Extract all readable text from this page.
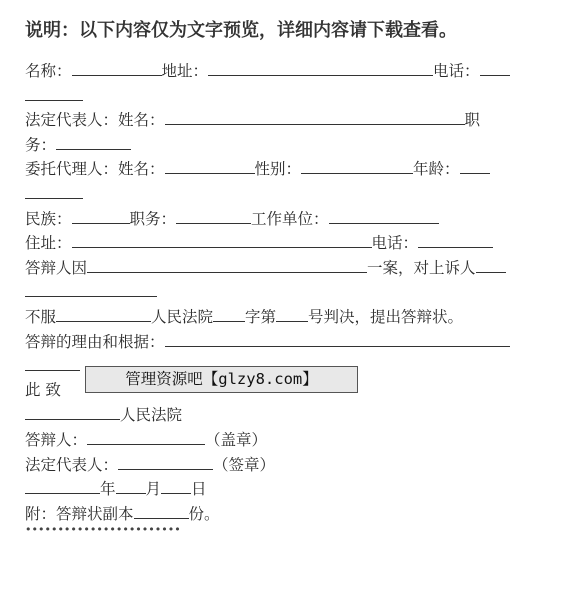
说明：以下内容仅为文字预览，详细内容请下载查看。
名称：	地址：	电话：
法定代表人：姓名：	职
务：
委托代理人：姓名：	性别：	年龄：
民族：	职务：	工作单位：
住址：	电话：
答辩人因	一案，对上诉人
不服	人民法院 字第 号判决，提出答辩状。
答辩的理由和根据：
此 致
人民法院
答辩人：	（盖章）
法定代表人：	（签章）
年 月 日
附：答辩状副本	份。
••••••••••••••••••••••••
管理资源吧【glzy8.com】
